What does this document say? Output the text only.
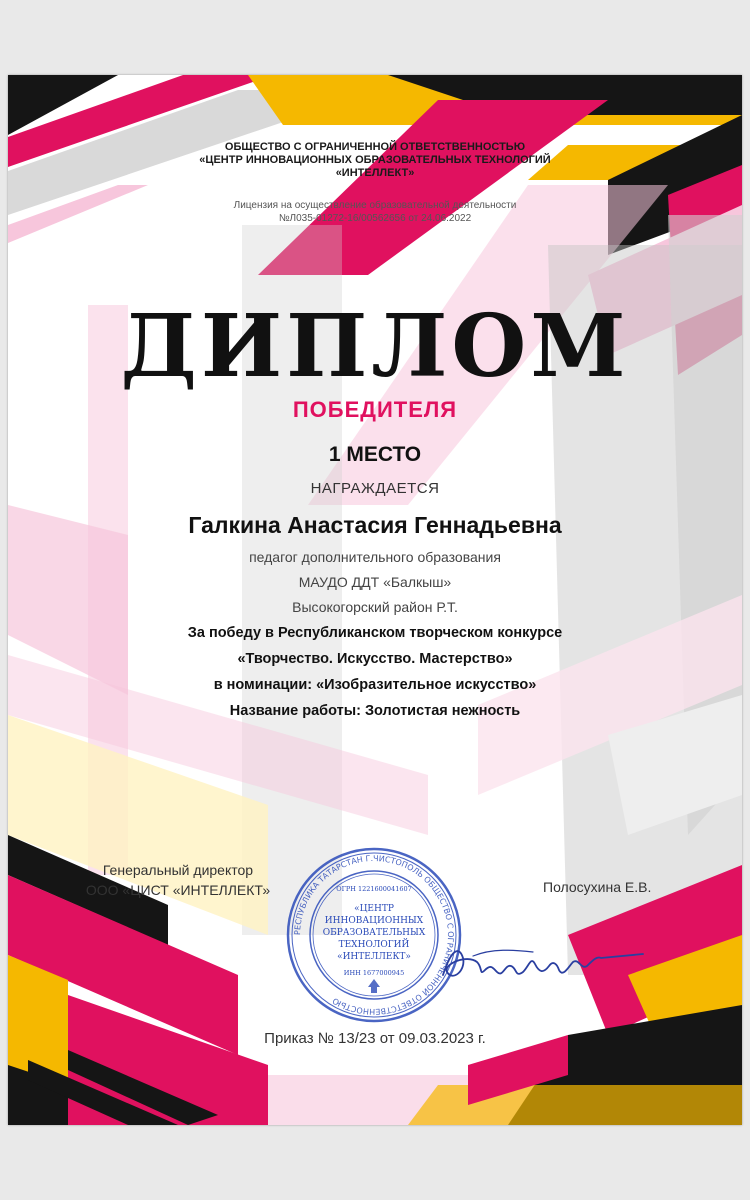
ОБЩЕСТВО С ОГРАНИЧЕННОЙ ОТВЕТСТВЕННОСТЬЮ
«ЦЕНТР ИННОВАЦИОННЫХ ОБРАЗОВАТЕЛЬНЫХ ТЕХНОЛОГИЙ
«ИНТЕЛЛЕКТ»

Лицензия на осуществление образовательной деятельности
№Л035-01272-16/00562656 от 24.06.2022

ДИПЛОМ

ПОБЕДИТЕЛЯ

1 МЕСТО

НАГРАЖДАЕТСЯ

Галкина Анастасия Геннадьевна

педагог дополнительного образования

МАУДО ДДТ «Балкыш»

Высокогорский район Р.Т.

За победу в Республиканском творческом конкурсе

«Творчество. Искусство. Мастерство»

в номинации: «Изобразительное искусство»

Название работы: Золотистая нежность

Генеральный директор
ООО «ЦИСТ «ИНТЕЛЛЕКТ»
РЕСПУБЛИКА ТАТАРСТАН Г.ЧИСТОПОЛЬ ОБЩЕСТВО С ОГРАНИЧЕННОЙ ОТВЕТСТВЕННОСТЬЮ
ОГРН 1221600041607
«ЦЕНТР
ИННОВАЦИОННЫХ
ОБРАЗОВАТЕЛЬНЫХ
ТЕХНОЛОГИЙ
«ИНТЕЛЛЕКТ»
ИНН 1677000945
Полосухина Е.В.

Приказ № 13/23 от 09.03.2023 г.
